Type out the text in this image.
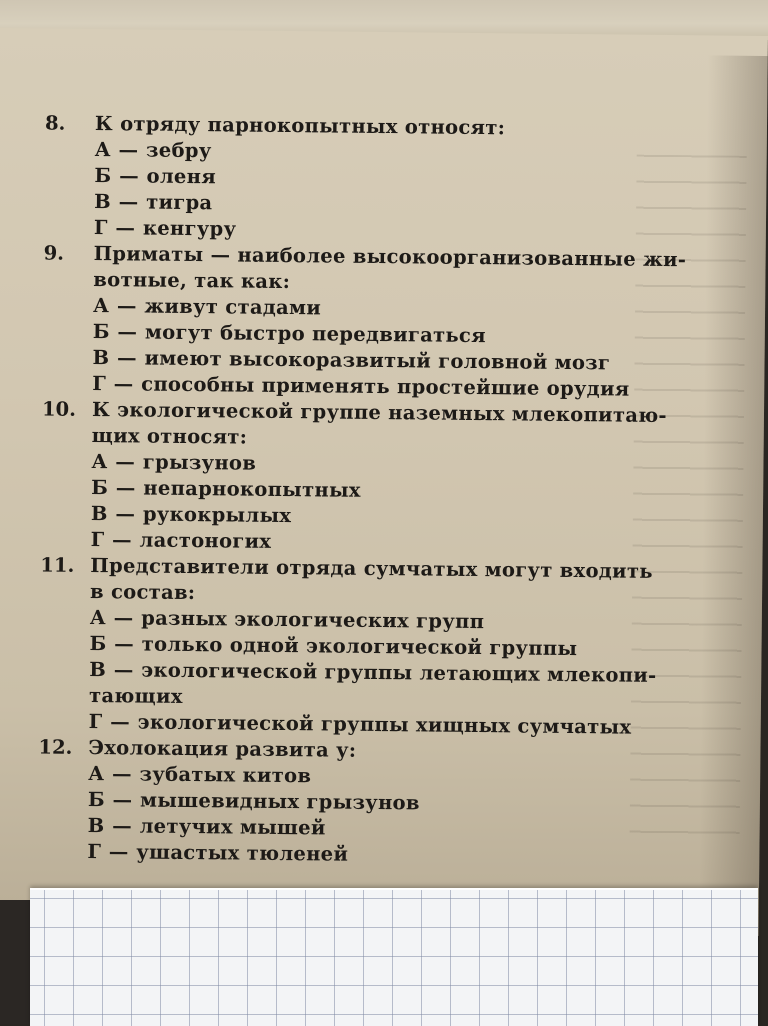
8.	К отряду парнокопытных относят:
А — зебру
Б — оленя
В — тигра
Г — кенгуру
9.	Приматы — наиболее высокоорганизованные жи-
вотные, так как:
А — живут стадами
Б — могут быстро передвигаться
В — имеют высокоразвитый головной мозг
Г — способны применять простейшие орудия
10. К экологической группе наземных млекопитаю-
щих относят:
А — грызунов
Б — непарнокопытных
В — рукокрылых
Г — ластоногих
11. Представители отряда сумчатых могут входить
в состав:
А — разных экологических групп
Б — только одной экологической группы
В — экологической группы летающих млекопи-
тающих
Г — экологической группы хищных сумчатых
12. Эхолокация развита у:
А — зубатых китов
Б — мышевидных грызунов
В — летучих мышей
Г — ушастых тюленей
